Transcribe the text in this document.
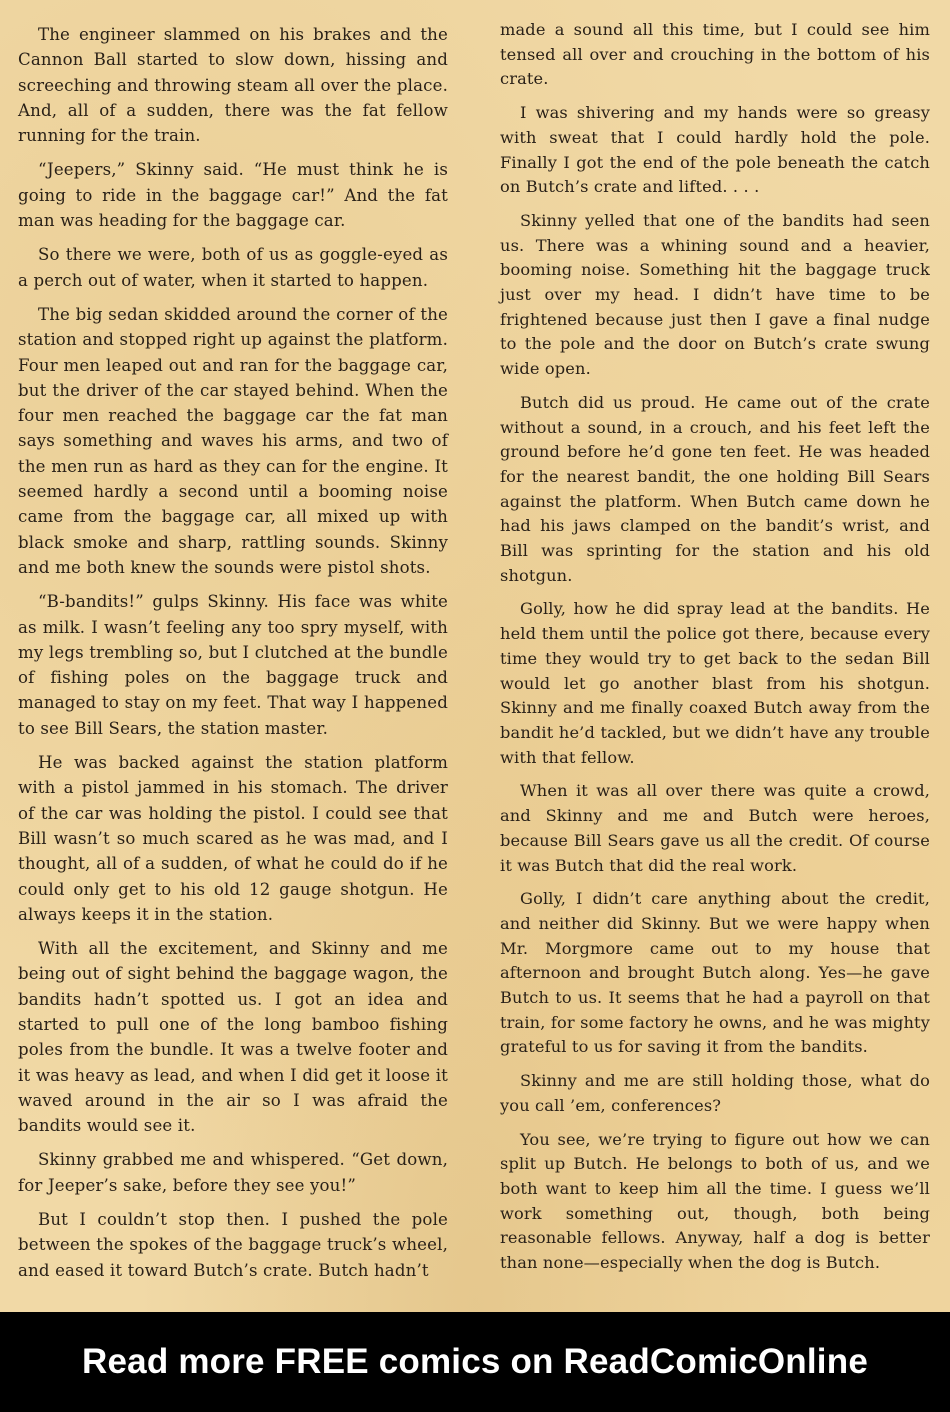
The engineer slammed on his brakes and the Cannon Ball started to slow down, hissing and screeching and throwing steam all over the place. And, all of a sudden, there was the fat fellow running for the train.

“Jeepers,” Skinny said. “He must think he is going to ride in the baggage car!” And the fat man was heading for the baggage car.

So there we were, both of us as goggle-eyed as a perch out of water, when it started to happen.

The big sedan skidded around the corner of the station and stopped right up against the platform. Four men leaped out and ran for the baggage car, but the driver of the car stayed behind. When the four men reached the baggage car the fat man says something and waves his arms, and two of the men run as hard as they can for the engine. It seemed hardly a second until a booming noise came from the baggage car, all mixed up with black smoke and sharp, rattling sounds. Skinny and me both knew the sounds were pistol shots.

“B-bandits!” gulps Skinny. His face was white as milk. I wasn’t feeling any too spry myself, with my legs trembling so, but I clutched at the bundle of fishing poles on the baggage truck and managed to stay on my feet. That way I happened to see Bill Sears, the station master.

He was backed against the station platform with a pistol jammed in his stomach. The driver of the car was holding the pistol. I could see that Bill wasn’t so much scared as he was mad, and I thought, all of a sudden, of what he could do if he could only get to his old 12 gauge shotgun. He always keeps it in the station.

With all the excitement, and Skinny and me being out of sight behind the baggage wagon, the bandits hadn’t spotted us. I got an idea and started to pull one of the long bamboo fishing poles from the bundle. It was a twelve footer and it was heavy as lead, and when I did get it loose it waved around in the air so I was afraid the bandits would see it.

Skinny grabbed me and whispered. “Get down, for Jeeper’s sake, before they see you!”

But I couldn’t stop then. I pushed the pole between the spokes of the baggage truck’s wheel, and eased it toward Butch’s crate. Butch hadn’t

made a sound all this time, but I could see him tensed all over and crouching in the bottom of his crate.

I was shivering and my hands were so greasy with sweat that I could hardly hold the pole. Finally I got the end of the pole beneath the catch on Butch’s crate and lifted. . . .

Skinny yelled that one of the bandits had seen us. There was a whining sound and a heavier, booming noise. Something hit the baggage truck just over my head. I didn’t have time to be frightened because just then I gave a final nudge to the pole and the door on Butch’s crate swung wide open.

Butch did us proud. He came out of the crate without a sound, in a crouch, and his feet left the ground before he’d gone ten feet. He was headed for the nearest bandit, the one holding Bill Sears against the platform. When Butch came down he had his jaws clamped on the bandit’s wrist, and Bill was sprinting for the station and his old shotgun.

Golly, how he did spray lead at the bandits. He held them until the police got there, because every time they would try to get back to the sedan Bill would let go another blast from his shotgun. Skinny and me finally coaxed Butch away from the bandit he’d tackled, but we didn’t have any trouble with that fellow.

When it was all over there was quite a crowd, and Skinny and me and Butch were heroes, because Bill Sears gave us all the credit. Of course it was Butch that did the real work.

Golly, I didn’t care anything about the credit, and neither did Skinny. But we were happy when Mr. Morgmore came out to my house that afternoon and brought Butch along. Yes—he gave Butch to us. It seems that he had a payroll on that train, for some factory he owns, and he was mighty grateful to us for saving it from the bandits.

Skinny and me are still holding those, what do you call ’em, conferences?

You see, we’re trying to figure out how we can split up Butch. He belongs to both of us, and we both want to keep him all the time. I guess we’ll work something out, though, both being reasonable fellows. Anyway, half a dog is better than none—especially when the dog is Butch.

Read more FREE comics on ReadComicOnline
